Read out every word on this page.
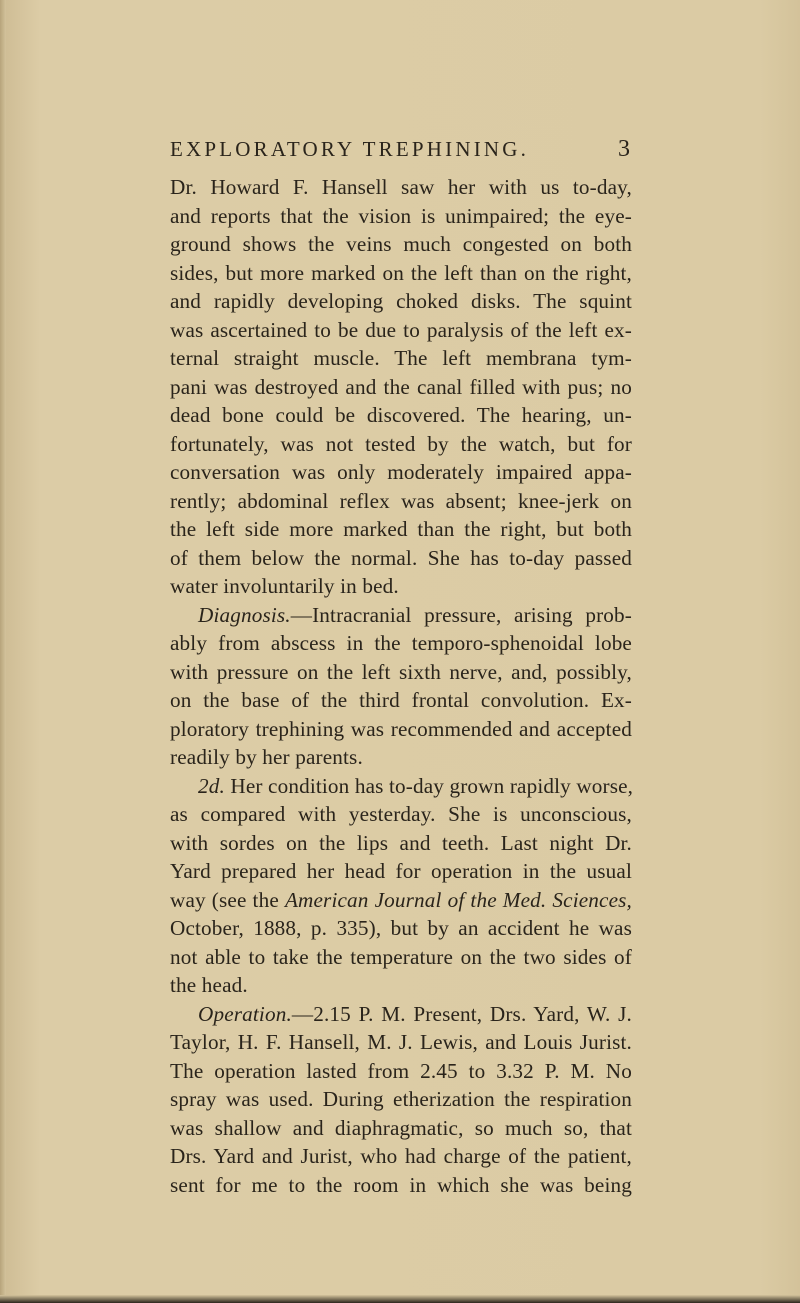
EXPLORATORY TREPHINING.	3
Dr. Howard F. Hansell saw her with us to-day,
and reports that the vision is unimpaired; the eye-
ground shows the veins much congested on both
sides, but more marked on the left than on the right,
and rapidly developing choked disks. The squint
was ascertained to be due to paralysis of the left ex-
ternal straight muscle. The left membrana tym-
pani was destroyed and the canal filled with pus; no
dead bone could be discovered. The hearing, un-
fortunately, was not tested by the watch, but for
conversation was only moderately impaired appa-
rently; abdominal reflex was absent; knee-jerk on
the left side more marked than the right, but both
of them below the normal. She has to-day passed
water involuntarily in bed.
Diagnosis.—Intracranial pressure, arising prob-
ably from abscess in the temporo-sphenoidal lobe
with pressure on the left sixth nerve, and, possibly,
on the base of the third frontal convolution. Ex-
ploratory trephining was recommended and accepted
readily by her parents.
2d. Her condition has to-day grown rapidly worse,
as compared with yesterday. She is unconscious,
with sordes on the lips and teeth. Last night Dr.
Yard prepared her head for operation in the usual
way (see the American Journal of the Med. Sciences,
October, 1888, p. 335), but by an accident he was
not able to take the temperature on the two sides of
the head.
Operation.—2.15 P. M. Present, Drs. Yard, W. J.
Taylor, H. F. Hansell, M. J. Lewis, and Louis Jurist.
The operation lasted from 2.45 to 3.32 P. M. No
spray was used. During etherization the respiration
was shallow and diaphragmatic, so much so, that
Drs. Yard and Jurist, who had charge of the patient,
sent for me to the room in which she was being
